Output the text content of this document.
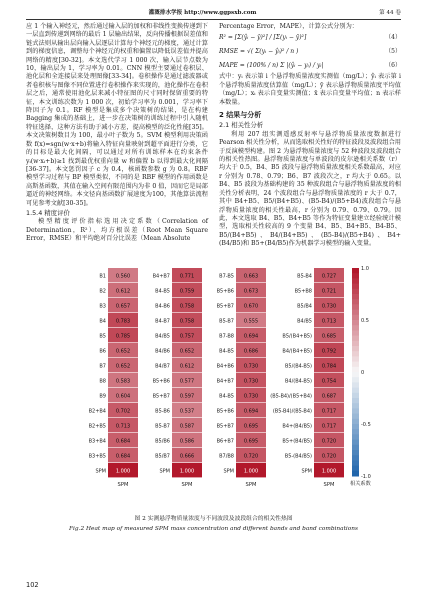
灌溉排水学报 http://www.ggpsxb.com	第 44 卷

应 1 个输入神经元，然后通过输入层的加权和非线性变换传递到下一层直到传递到网络的最后 1 层输出结果，反向传播根据误差值和链式法则从输出层向输入层逐层计算每个神经元的梯度，通过计算到的梯度信息，调整每个神经元的权重和偏置以降低误差值并提高网络的精度[30-32]。本文选代学习 1 000 次，输入层节点数为 10，输出层为 1，学习率为 0.01。CNN 模型主要通过卷积层、池化层和全连接层来处理图像[33-34]。卷积操作是通过滤波器或者卷积核与图像不同位置进行卷积操作来实现的，池化操作在卷积层之后，通常使用池化层来减小特征图的尺寸同时保留重要的特征，本文训练次数为 1 000 次，初始学习率为 0.001，学习率下降因子为 0.1。RF 模型是集成多个决策树的结果，是在构建 Bagging 集成的基础上，进一步在决策树的训练过程中引入随机特征选择，这种方法有助于减小方差，提高模型的泛化性能[35]。本文决策树数目为 100，最小叶子数为 5。SVM 模型利用决策函数 f(x)=sgn(w·x+b)将输入特征向量映射到超平面进行分类，它的目标是最大化间隔，可以通过对所有训练样本在约束条件 yᵢ(w·xᵢ+b)≥1 找到最优权重向量 w 和偏置 b 以得到最大化间隔[36-37]。本文惩罚因子 c 为 0.4，核函数参数 g 为 0.8。RBF 模型学习过程与 BP 模型类似，不同的是 RBF 模型的作用函数是高斯基函数，其值在输入空间有限范围内为非 0 值，因而它是局部逼近的神经网络。本文径向基函数扩展速度为100，其他算法流程可见参考文献[30-35]。

1.5.4 精度评价

模型精度评价指标选用决定系数（Correlation of Determination，R²）、均方根误差（Root Mean Square Error，RMSE）和平均绝对百分比误差（Mean Absolute

Percentage Error，MAPE），计算公式分别为：

R² = [Σ(ŷᵢ − ȳ)²] / [Σ(yᵢ − ȳ)²]	（4）
RMSE = √( Σ(yᵢ − ŷᵢ)² / n )	（5）
MAPE = (100% / n) Σ |(ŷᵢ − yᵢ) / yᵢ|	（6）

式中：yᵢ 表示第 i 个悬浮物质量浓度实测值（mg/L）；ŷᵢ 表示第 i 个悬浮物质量浓度估算值（mg/L）；ȳ 表示悬浮物质量浓度平均值（mg/L）；xᵢ 表示自变量实测值；x̄ 表示自变量平均值；n 表示样本数量。

2 结果与分析
2.1 相关性分析

利用 207 组实测遥感反射率与悬浮物质量浓度数据进行 Pearson 相关性分析，从而选取相关性好的特征波段及波段组合用于反演模型构建。图 2 为悬浮物质量浓度与 52 种波段及波段组合的相关性热图。悬浮物质量浓度与单波段的皮尔逊相关系数（r）均大于 0.5，B4、B5 波段与悬浮物质量浓度相关系数最高，对应 r 分别为 0.78、0.79；B6、B7 波段次之，r 均大于 0.65。以 B4、B5 波段为基础构建的 35 种波段组合与悬浮物质量浓度的相关性分析表明，24 个波段组合与悬浮物质量浓度的 r 大于 0.7，其中 B4+B5、B5/(B4+B5)、(B5-B4)/(B5+B4)波段组合与悬浮物质量浓度的相关性最高，r 分别为 0.79、0.79、0.79。因此，本文选取 B4、B5、B4+B5 等作为特征变量建立经验统计模型，选取相关性较高的 9 个变量 B4、B5、B4+B5、B4-B5、B5/(B4+B5)、B4/(B4+B5)、(B5-B4)/(B5+B4)、B4+(B4/B5)和 B5+(B4/B5)作为机器学习模型的输入变量。

B1 0.560
B2 0.612
B3 0.657
B4 0.783
B5 0.785
B6 0.652
B7 0.652
B8 0.583
B9 0.604
B2+B4 0.702
B2+B5 0.713
B3+B4 0.684
B3+B5 0.684
SPM 1.000
SPM
B4+B7 0.771
B4-B5 0.759
B4-B6 0.758
B4-B7 0.758
B4/B5 0.757
B4/B6 0.652
B4/B7 0.612
B5+B6 0.577
B5+B7 0.597
B5-B6 0.537
B5-B7 0.587
B5/B6 0.586
B5/B7 0.666
SPM 1.000
SPM
B7-B5 0.663
B5+B6 0.673
B5+B7 0.670
B5-B7 0.555
B7-B8 0.694
B4-B5 0.686
B4+B6 0.730
B4+B7 0.730
B4-B5 0.730
B5+B6 0.694
B5+B7 0.695
B6+B7 0.695
B7/B8 0.720
SPM 1.000
SPM
B5-B4 0.727
B5+B8 0.721
B5/B4 0.730
B4/B5 0.713
B5/(B4+B5) 0.685
B4/(B4+B5) 0.792
B5/(B4-B5) 0.784
B4/(B4-B5) 0.754
(B5-B4)/(B5+B4) 0.687
(B5-B4)/(B5-B4) 0.717
B4+(B4/B5) 0.717
B5+(B4/B5) 0.720
B5-(B4/B5) 0.720
SPM 1.000
SPM
1.0
0.5
0
-0.5
-1.0
相关系数
图 2 实测悬浮物质量浓度与不同波段及波段组合的相关性热图
Fig.2 Heat map of measured SPM mass concentration and different bands and band combinations
102
